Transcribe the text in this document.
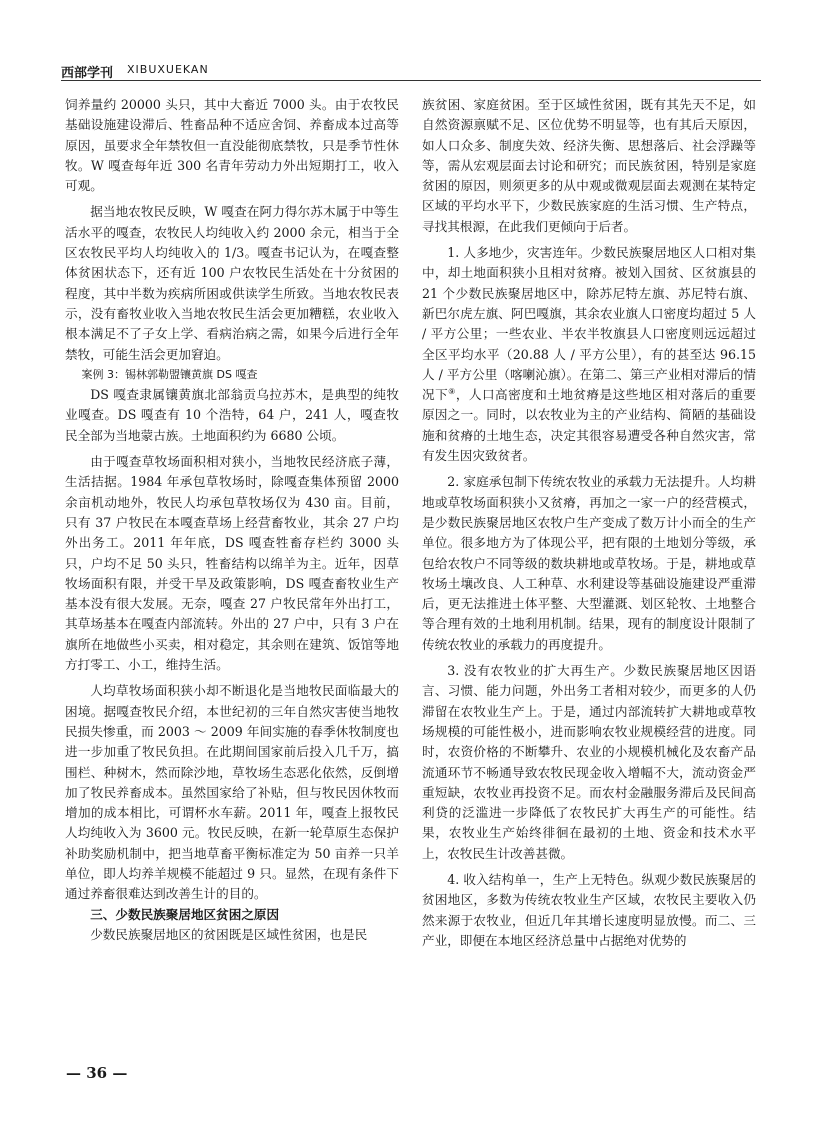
西部学刊 XIBUXUEKAN

饲养量约 20000 头只，其中大畜近 7000 头。由于农牧民基础设施建设滞后、牲畜品种不适应舍饲、养畜成本过高等原因，虽要求全年禁牧但一直没能彻底禁牧，只是季节性休牧。W 嘎查每年近 300 名青年劳动力外出短期打工，收入可观。

据当地农牧民反映，W 嘎查在阿力得尔苏木属于中等生活水平的嘎查，农牧民人均纯收入约 2000 余元，相当于全区农牧民平均人均纯收入的 1/3。嘎查书记认为，在嘎查整体贫困状态下，还有近 100 户农牧民生活处在十分贫困的程度，其中半数为疾病所困或供读学生所致。当地农牧民表示，没有畜牧业收入当地农牧民生活会更加糟糕，农业收入根本满足不了子女上学、看病治病之需，如果今后进行全年禁牧，可能生活会更加窘迫。

案例 3：锡林郭勒盟镶黄旗 DS 嘎查

DS 嘎查隶属镶黄旗北部翁贡乌拉苏木，是典型的纯牧业嘎查。DS 嘎查有 10 个浩特，64 户，241 人，嘎查牧民全部为当地蒙古族。土地面积约为 6680 公顷。

由于嘎查草牧场面积相对狭小，当地牧民经济底子薄，生活拮据。1984 年承包草牧场时，除嘎查集体预留 2000 余亩机动地外，牧民人均承包草牧场仅为 430 亩。目前，只有 37 户牧民在本嘎查草场上经营畜牧业，其余 27 户均外出务工。2011 年年底，DS 嘎查牲畜存栏约 3000 头只，户均不足 50 头只，牲畜结构以绵羊为主。近年，因草牧场面积有限，并受干旱及政策影响，DS 嘎查畜牧业生产基本没有很大发展。无奈，嘎查 27 户牧民常年外出打工，其草场基本在嘎查内部流转。外出的 27 户中，只有 3 户在旗所在地做些小买卖，相对稳定，其余则在建筑、饭馆等地方打零工、小工，维持生活。

人均草牧场面积狭小却不断退化是当地牧民面临最大的困境。据嘎查牧民介绍，本世纪初的三年自然灾害使当地牧民损失惨重，而 2003 ～ 2009 年间实施的春季休牧制度也进一步加重了牧民负担。在此期间国家前后投入几千万，搞围栏、种树木，然而除沙地，草牧场生态恶化依然，反倒增加了牧民养畜成本。虽然国家给了补贴，但与牧民因休牧而增加的成本相比，可谓杯水车薪。2011 年，嘎查上报牧民人均纯收入为 3600 元。牧民反映，在新一轮草原生态保护补助奖励机制中，把当地草畜平衡标准定为 50 亩养一只羊单位，即人均养羊规模不能超过 9 只。显然，在现有条件下通过养畜很难达到改善生计的目的。

三、少数民族聚居地区贫困之原因

少数民族聚居地区的贫困既是区域性贫困，也是民

族贫困、家庭贫困。至于区域性贫困，既有其先天不足，如自然资源禀赋不足、区位优势不明显等，也有其后天原因，如人口众多、制度失效、经济失衡、思想落后、社会浮躁等等，需从宏观层面去讨论和研究；而民族贫困，特别是家庭贫困的原因，则须更多的从中观或微观层面去观测在某特定区域的平均水平下，少数民族家庭的生活习惯、生产特点，寻找其根源，在此我们更倾向于后者。

1. 人多地少，灾害连年。少数民族聚居地区人口相对集中，却土地面积狭小且相对贫瘠。被划入国贫、区贫旗县的 21 个少数民族聚居地区中，除苏尼特左旗、苏尼特右旗、新巴尔虎左旗、阿巴嘎旗，其余农业旗人口密度均超过 5 人 / 平方公里；一些农业、半农半牧旗县人口密度则远远超过全区平均水平（20.88 人 / 平方公里），有的甚至达 96.15 人 / 平方公里（喀喇沁旗）。在第二、第三产业相对滞后的情况下⑨，人口高密度和土地贫瘠是这些地区相对落后的重要原因之一。同时，以农牧业为主的产业结构、简陋的基础设施和贫瘠的土地生态，决定其很容易遭受各种自然灾害，常有发生因灾致贫者。

2. 家庭承包制下传统农牧业的承载力无法提升。人均耕地或草牧场面积狭小又贫瘠，再加之一家一户的经营模式，是少数民族聚居地区农牧户生产变成了数万计小而全的生产单位。很多地方为了体现公平，把有限的土地划分等级，承包给农牧户不同等级的数块耕地或草牧场。于是，耕地或草牧场土壤改良、人工种草、水利建设等基础设施建设严重滞后，更无法推进土体平整、大型灌溉、划区轮牧、土地整合等合理有效的土地利用机制。结果，现有的制度设计限制了传统农牧业的承载力的再度提升。

3. 没有农牧业的扩大再生产。少数民族聚居地区因语言、习惯、能力问题，外出务工者相对较少，而更多的人仍滞留在农牧业生产上。于是，通过内部流转扩大耕地或草牧场规模的可能性极小，进而影响农牧业规模经营的进度。同时，农资价格的不断攀升、农业的小规模机械化及农畜产品流通环节不畅通导致农牧民现金收入增幅不大，流动资金严重短缺，农牧业再投资不足。而农村金融服务滞后及民间高利贷的泛滥进一步降低了农牧民扩大再生产的可能性。结果，农牧业生产始终徘徊在最初的土地、资金和技术水平上，农牧民生计改善甚微。

4. 收入结构单一，生产上无特色。纵观少数民族聚居的贫困地区，多数为传统农牧业生产区域，农牧民主要收入仍然来源于农牧业，但近几年其增长速度明显放慢。而二、三产业，即便在本地区经济总量中占据绝对优势的

— 36 —
